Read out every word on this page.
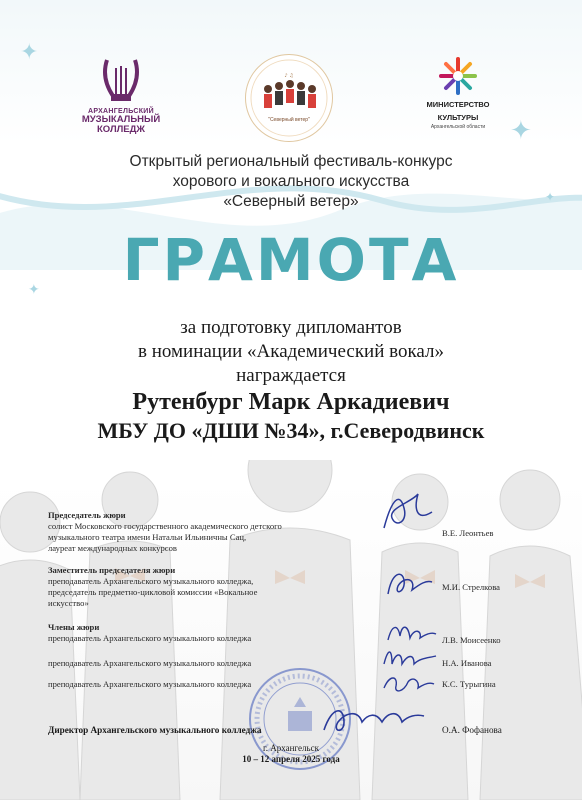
✦
✦
✦
✦
АРХАНГЕЛЬСКИЙ
МУЗЫКАЛЬНЫЙ
КОЛЛЕДЖ
♪ ♫
"Северный ветер"
МИНИСТЕРСТВО
КУЛЬТУРЫ
Архангельской области
Открытый региональный фестиваль-конкурс
хорового и вокального искусства
«Северный ветер»
ГРАМОТА
за подготовку дипломантов
в номинации «Академический вокал»
награждается
Рутенбург Марк Аркадиевич
МБУ ДО «ДШИ №34», г.Северодвинск
Председатель жюри
солист Московского государственного академического детского
музыкального театра имени Натальи Ильиничны Сац,
лауреат международных конкурсов
В.Е. Леонтьев
Заместитель председателя жюри
преподаватель Архангельского музыкального колледжа,
председатель предметно-цикловой комиссии «Вокальное
искусство»
М.И. Стрелкова
Члены жюри
преподаватель Архангельского музыкального колледжа	Л.В. Моисеенко
преподаватель Архангельского музыкального колледжа	Н.А. Иванова
преподаватель Архангельского музыкального колледжа	К.С. Турыгина
Директор Архангельского музыкального колледжа	О.А. Фофанова
г. Архангельск
10 – 12 апреля 2025 года
